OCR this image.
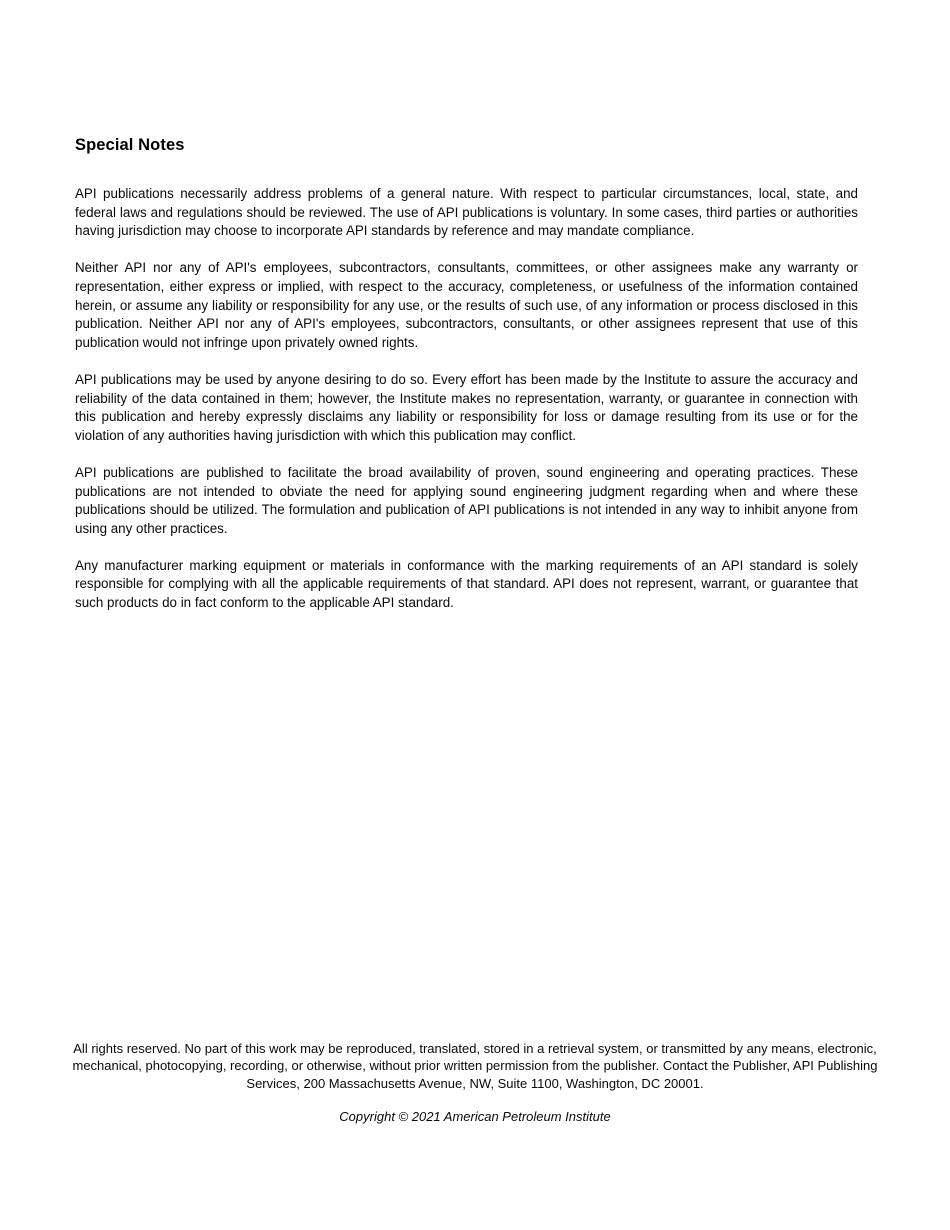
Special Notes

API publications necessarily address problems of a general nature. With respect to particular circumstances, local, state, and federal laws and regulations should be reviewed. The use of API publications is voluntary. In some cases, third parties or authorities having jurisdiction may choose to incorporate API standards by reference and may mandate compliance.

Neither API nor any of API's employees, subcontractors, consultants, committees, or other assignees make any warranty or representation, either express or implied, with respect to the accuracy, completeness, or usefulness of the information contained herein, or assume any liability or responsibility for any use, or the results of such use, of any information or process disclosed in this publication. Neither API nor any of API's employees, subcontractors, consultants, or other assignees represent that use of this publication would not infringe upon privately owned rights.

API publications may be used by anyone desiring to do so. Every effort has been made by the Institute to assure the accuracy and reliability of the data contained in them; however, the Institute makes no representation, warranty, or guarantee in connection with this publication and hereby expressly disclaims any liability or responsibility for loss or damage resulting from its use or for the violation of any authorities having jurisdiction with which this publication may conflict.

API publications are published to facilitate the broad availability of proven, sound engineering and operating practices. These publications are not intended to obviate the need for applying sound engineering judgment regarding when and where these publications should be utilized. The formulation and publication of API publications is not intended in any way to inhibit anyone from using any other practices.

Any manufacturer marking equipment or materials in conformance with the marking requirements of an API standard is solely responsible for complying with all the applicable requirements of that standard. API does not represent, warrant, or guarantee that such products do in fact conform to the applicable API standard.

All rights reserved. No part of this work may be reproduced, translated, stored in a retrieval system, or transmitted by any means, electronic, mechanical, photocopying, recording, or otherwise, without prior written permission from the publisher. Contact the Publisher, API Publishing Services, 200 Massachusetts Avenue, NW, Suite 1100, Washington, DC 20001.

Copyright © 2021 American Petroleum Institute
